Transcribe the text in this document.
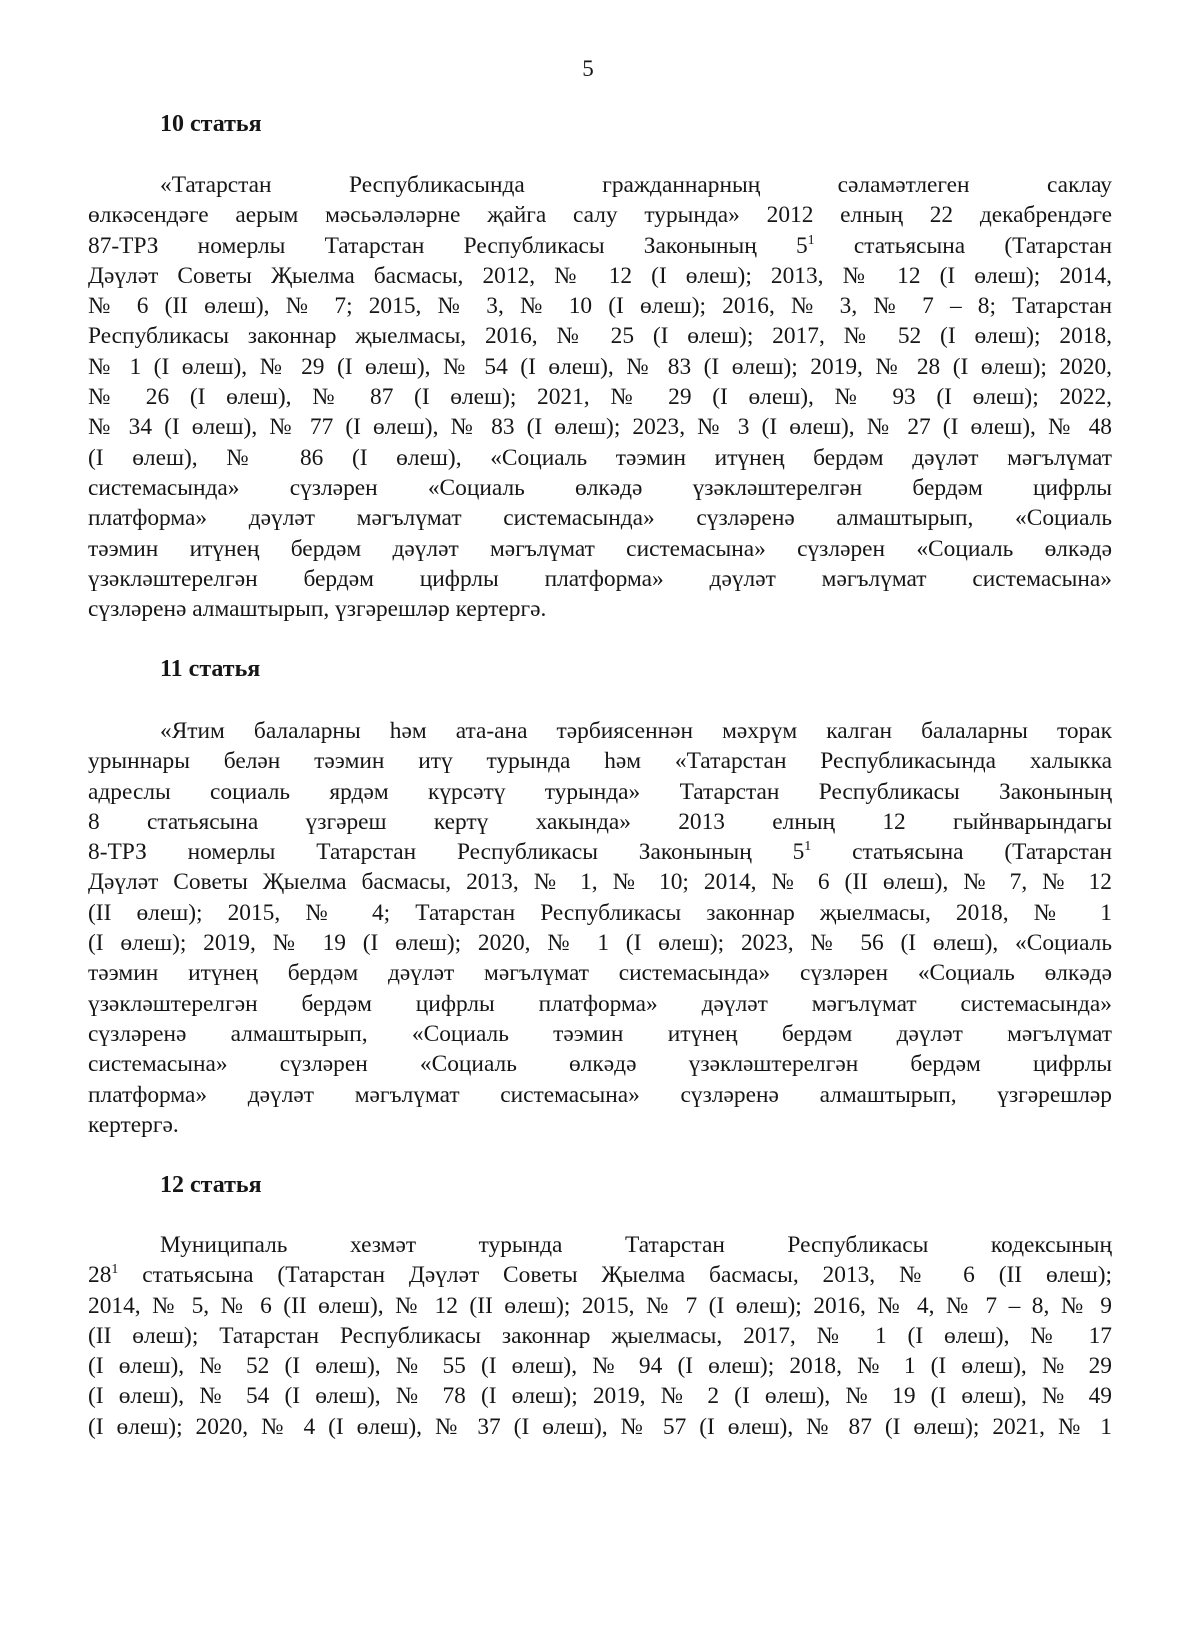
5
10 статья
«Татарстан Республикасында гражданнарның сәламәтлеген саклау
өлкәсендәге аерым мәсьәләләрне җайга салу турында» 2012 елның 22 декабрендәге
87-ТРЗ номерлы Татарстан Республикасы Законының $5^1$ статьясына (Татарстан
Дәүләт Советы Җыелма басмасы, 2012, № 12 (I өлеш); 2013, № 12 (I өлеш); 2014,
№ 6 (II өлеш), № 7; 2015, № 3, № 10 (I өлеш); 2016, № 3, № 7 – 8; Татарстан
Республикасы законнар җыелмасы, 2016, № 25 (I өлеш); 2017, № 52 (I өлеш); 2018,
№ 1 (I өлеш), № 29 (I өлеш), № 54 (I өлеш), № 83 (I өлеш); 2019, № 28 (I өлеш); 2020,
№ 26 (I өлеш), № 87 (I өлеш); 2021, № 29 (I өлеш), № 93 (I өлеш); 2022,
№ 34 (I өлеш), № 77 (I өлеш), № 83 (I өлеш); 2023, № 3 (I өлеш), № 27 (I өлеш), № 48
(I өлеш), № 86 (I өлеш), «Социаль тәэмин итүнең бердәм дәүләт мәгълүмат
системасында» сүзләрен «Социаль өлкәдә үзәкләштерелгән бердәм цифрлы
платформа» дәүләт мәгълүмат системасында» сүзләренә алмаштырып, «Социаль
тәэмин итүнең бердәм дәүләт мәгълүмат системасына» сүзләрен «Социаль өлкәдә
үзәкләштерелгән бердәм цифрлы платформа» дәүләт мәгълүмат системасына»
сүзләренә алмаштырып, үзгәрешләр кертергә.
11 статья
«Ятим балаларны һәм ата-ана тәрбиясеннән мәхрүм калган балаларны торак
урыннары белән тәэмин итү турында һәм «Татарстан Республикасында халыкка
адреслы социаль ярдәм күрсәтү турында» Татарстан Республикасы Законының
8 статьясына үзгәреш кертү хакында» 2013 елның 12 гыйнварындагы
8-ТРЗ номерлы Татарстан Республикасы Законының $5^1$ статьясына (Татарстан
Дәүләт Советы Җыелма басмасы, 2013, № 1, № 10; 2014, № 6 (II өлеш), № 7, № 12
(II өлеш); 2015, № 4; Татарстан Республикасы законнар җыелмасы, 2018, № 1
(I өлеш); 2019, № 19 (I өлеш); 2020, № 1 (I өлеш); 2023, № 56 (I өлеш), «Социаль
тәэмин итүнең бердәм дәүләт мәгълүмат системасында» сүзләрен «Социаль өлкәдә
үзәкләштерелгән бердәм цифрлы платформа» дәүләт мәгълүмат системасында»
сүзләренә алмаштырып, «Социаль тәэмин итүнең бердәм дәүләт мәгълүмат
системасына» сүзләрен «Социаль өлкәдә үзәкләштерелгән бердәм цифрлы
платформа» дәүләт мәгълүмат системасына» сүзләренә алмаштырып, үзгәрешләр
кертергә.
12 статья
Муниципаль хезмәт турында Татарстан Республикасы кодексының
$28^1$ статьясына (Татарстан Дәүләт Советы Җыелма басмасы, 2013, № 6 (II өлеш);
2014, № 5, № 6 (II өлеш), № 12 (II өлеш); 2015, № 7 (I өлеш); 2016, № 4, № 7 – 8, № 9
(II өлеш); Татарстан Республикасы законнар җыелмасы, 2017, № 1 (I өлеш), № 17
(I өлеш), № 52 (I өлеш), № 55 (I өлеш), № 94 (I өлеш); 2018, № 1 (I өлеш), № 29
(I өлеш), № 54 (I өлеш), № 78 (I өлеш); 2019, № 2 (I өлеш), № 19 (I өлеш), № 49
(I өлеш); 2020, № 4 (I өлеш), № 37 (I өлеш), № 57 (I өлеш), № 87 (I өлеш); 2021, № 1
